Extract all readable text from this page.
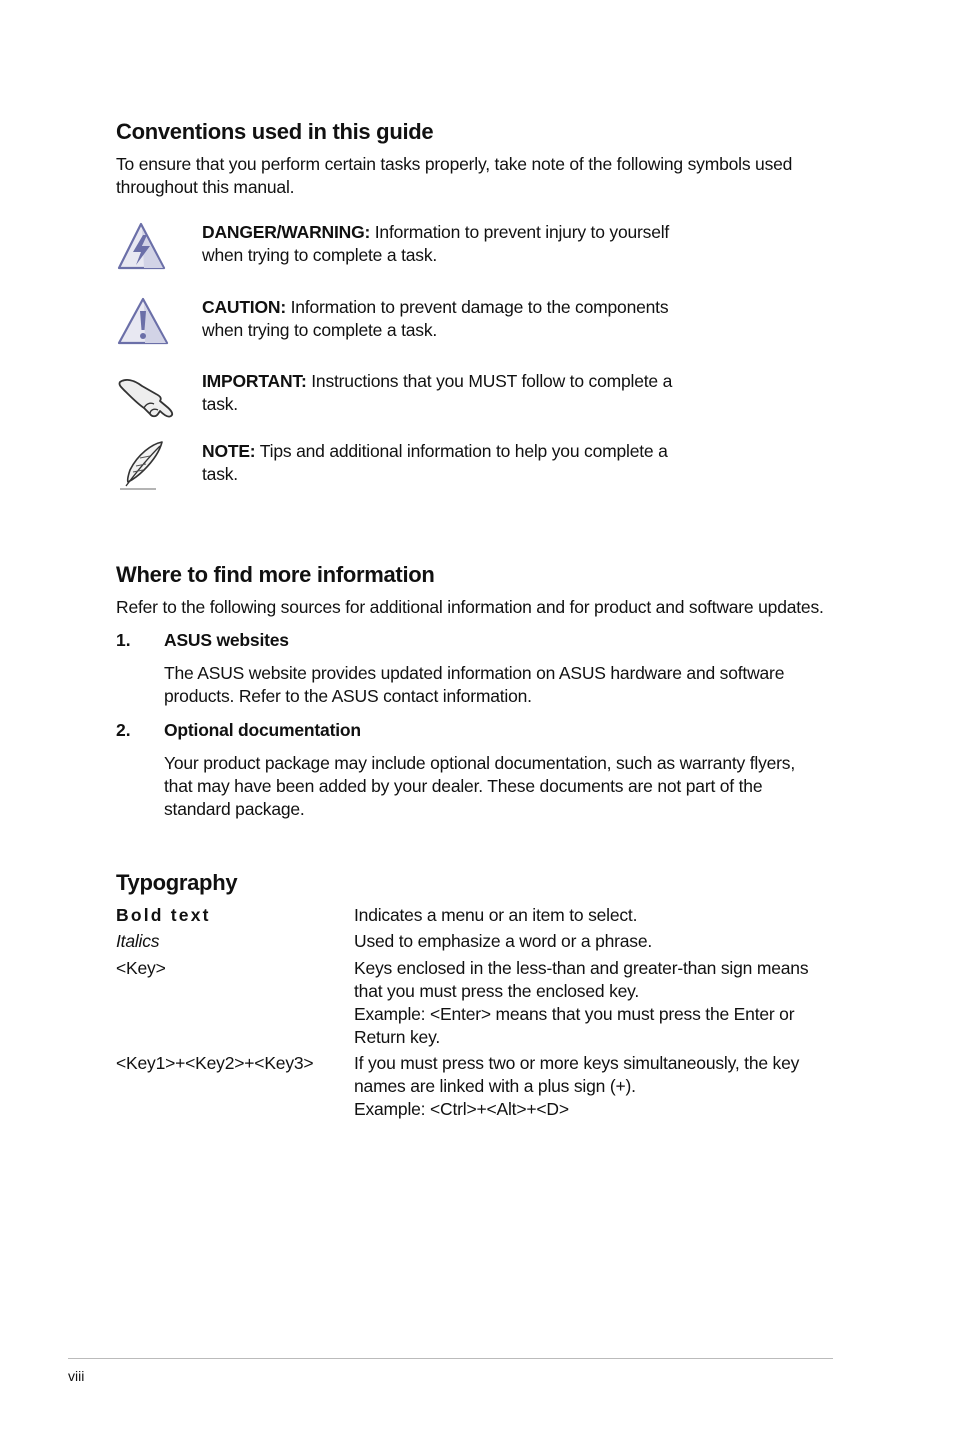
Conventions used in this guide
To ensure that you perform certain tasks properly, take note of the following symbols used
throughout this manual.
DANGER/WARNING: Information to prevent injury to yourself
when trying to complete a task.
CAUTION: Information to prevent damage to the components
when trying to complete a task.
IMPORTANT: Instructions that you MUST follow to complete a
task.
NOTE: Tips and additional information to help you complete a
task.
Where to find more information
Refer to the following sources for additional information and for product and software updates.
1. ASUS websites
The ASUS website provides updated information on ASUS hardware and software
products. Refer to the ASUS contact information.
2. Optional documentation
Your product package may include optional documentation, such as warranty flyers,
that may have been added by your dealer. These documents are not part of the
standard package.
Typography
Bold text	Indicates a menu or an item to select.
Italics	Used to emphasize a word or a phrase.
<Key>	Keys enclosed in the less-than and greater-than sign means
that you must press the enclosed key.
Example: <Enter> means that you must press the Enter or
Return key.
<Key1>+<Key2>+<Key3> If you must press two or more keys simultaneously, the key
names are linked with a plus sign (+).
Example: <Ctrl>+<Alt>+<D>
viii
